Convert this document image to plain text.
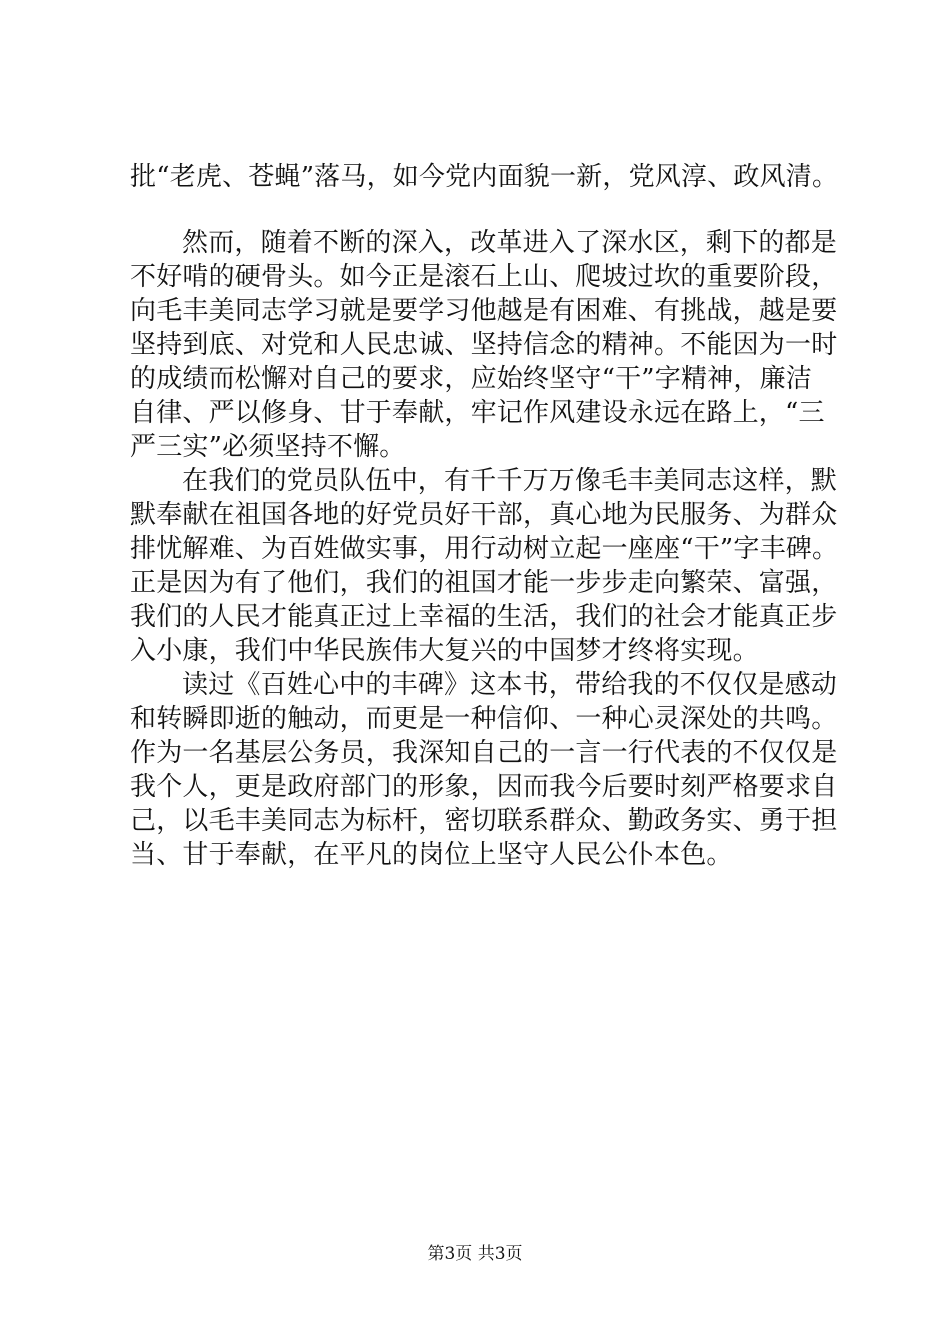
批“老虎、苍蝇”落马，如今党内面貌一新，党风淳、政风清。
然而，随着不断的深入，改革进入了深水区，剩下的都是
不好啃的硬骨头。如今正是滚石上山、爬坡过坎的重要阶段，
向毛丰美同志学习就是要学习他越是有困难、有挑战，越是要
坚持到底、对党和人民忠诚、坚持信念的精神。不能因为一时
的成绩而松懈对自己的要求，应始终坚守“干”字精神，廉洁
自律、严以修身、甘于奉献，牢记作风建设永远在路上，“三
严三实”必须坚持不懈。
在我们的党员队伍中，有千千万万像毛丰美同志这样，默
默奉献在祖国各地的好党员好干部，真心地为民服务、为群众
排忧解难、为百姓做实事，用行动树立起一座座“干”字丰碑。
正是因为有了他们，我们的祖国才能一步步走向繁荣、富强，
我们的人民才能真正过上幸福的生活，我们的社会才能真正步
入小康，我们中华民族伟大复兴的中国梦才终将实现。
读过《百姓心中的丰碑》这本书，带给我的不仅仅是感动
和转瞬即逝的触动，而更是一种信仰、一种心灵深处的共鸣。
作为一名基层公务员，我深知自己的一言一行代表的不仅仅是
我个人，更是政府部门的形象，因而我今后要时刻严格要求自
己，以毛丰美同志为标杆，密切联系群众、勤政务实、勇于担
当、甘于奉献，在平凡的岗位上坚守人民公仆本色。
第3页 共3页
